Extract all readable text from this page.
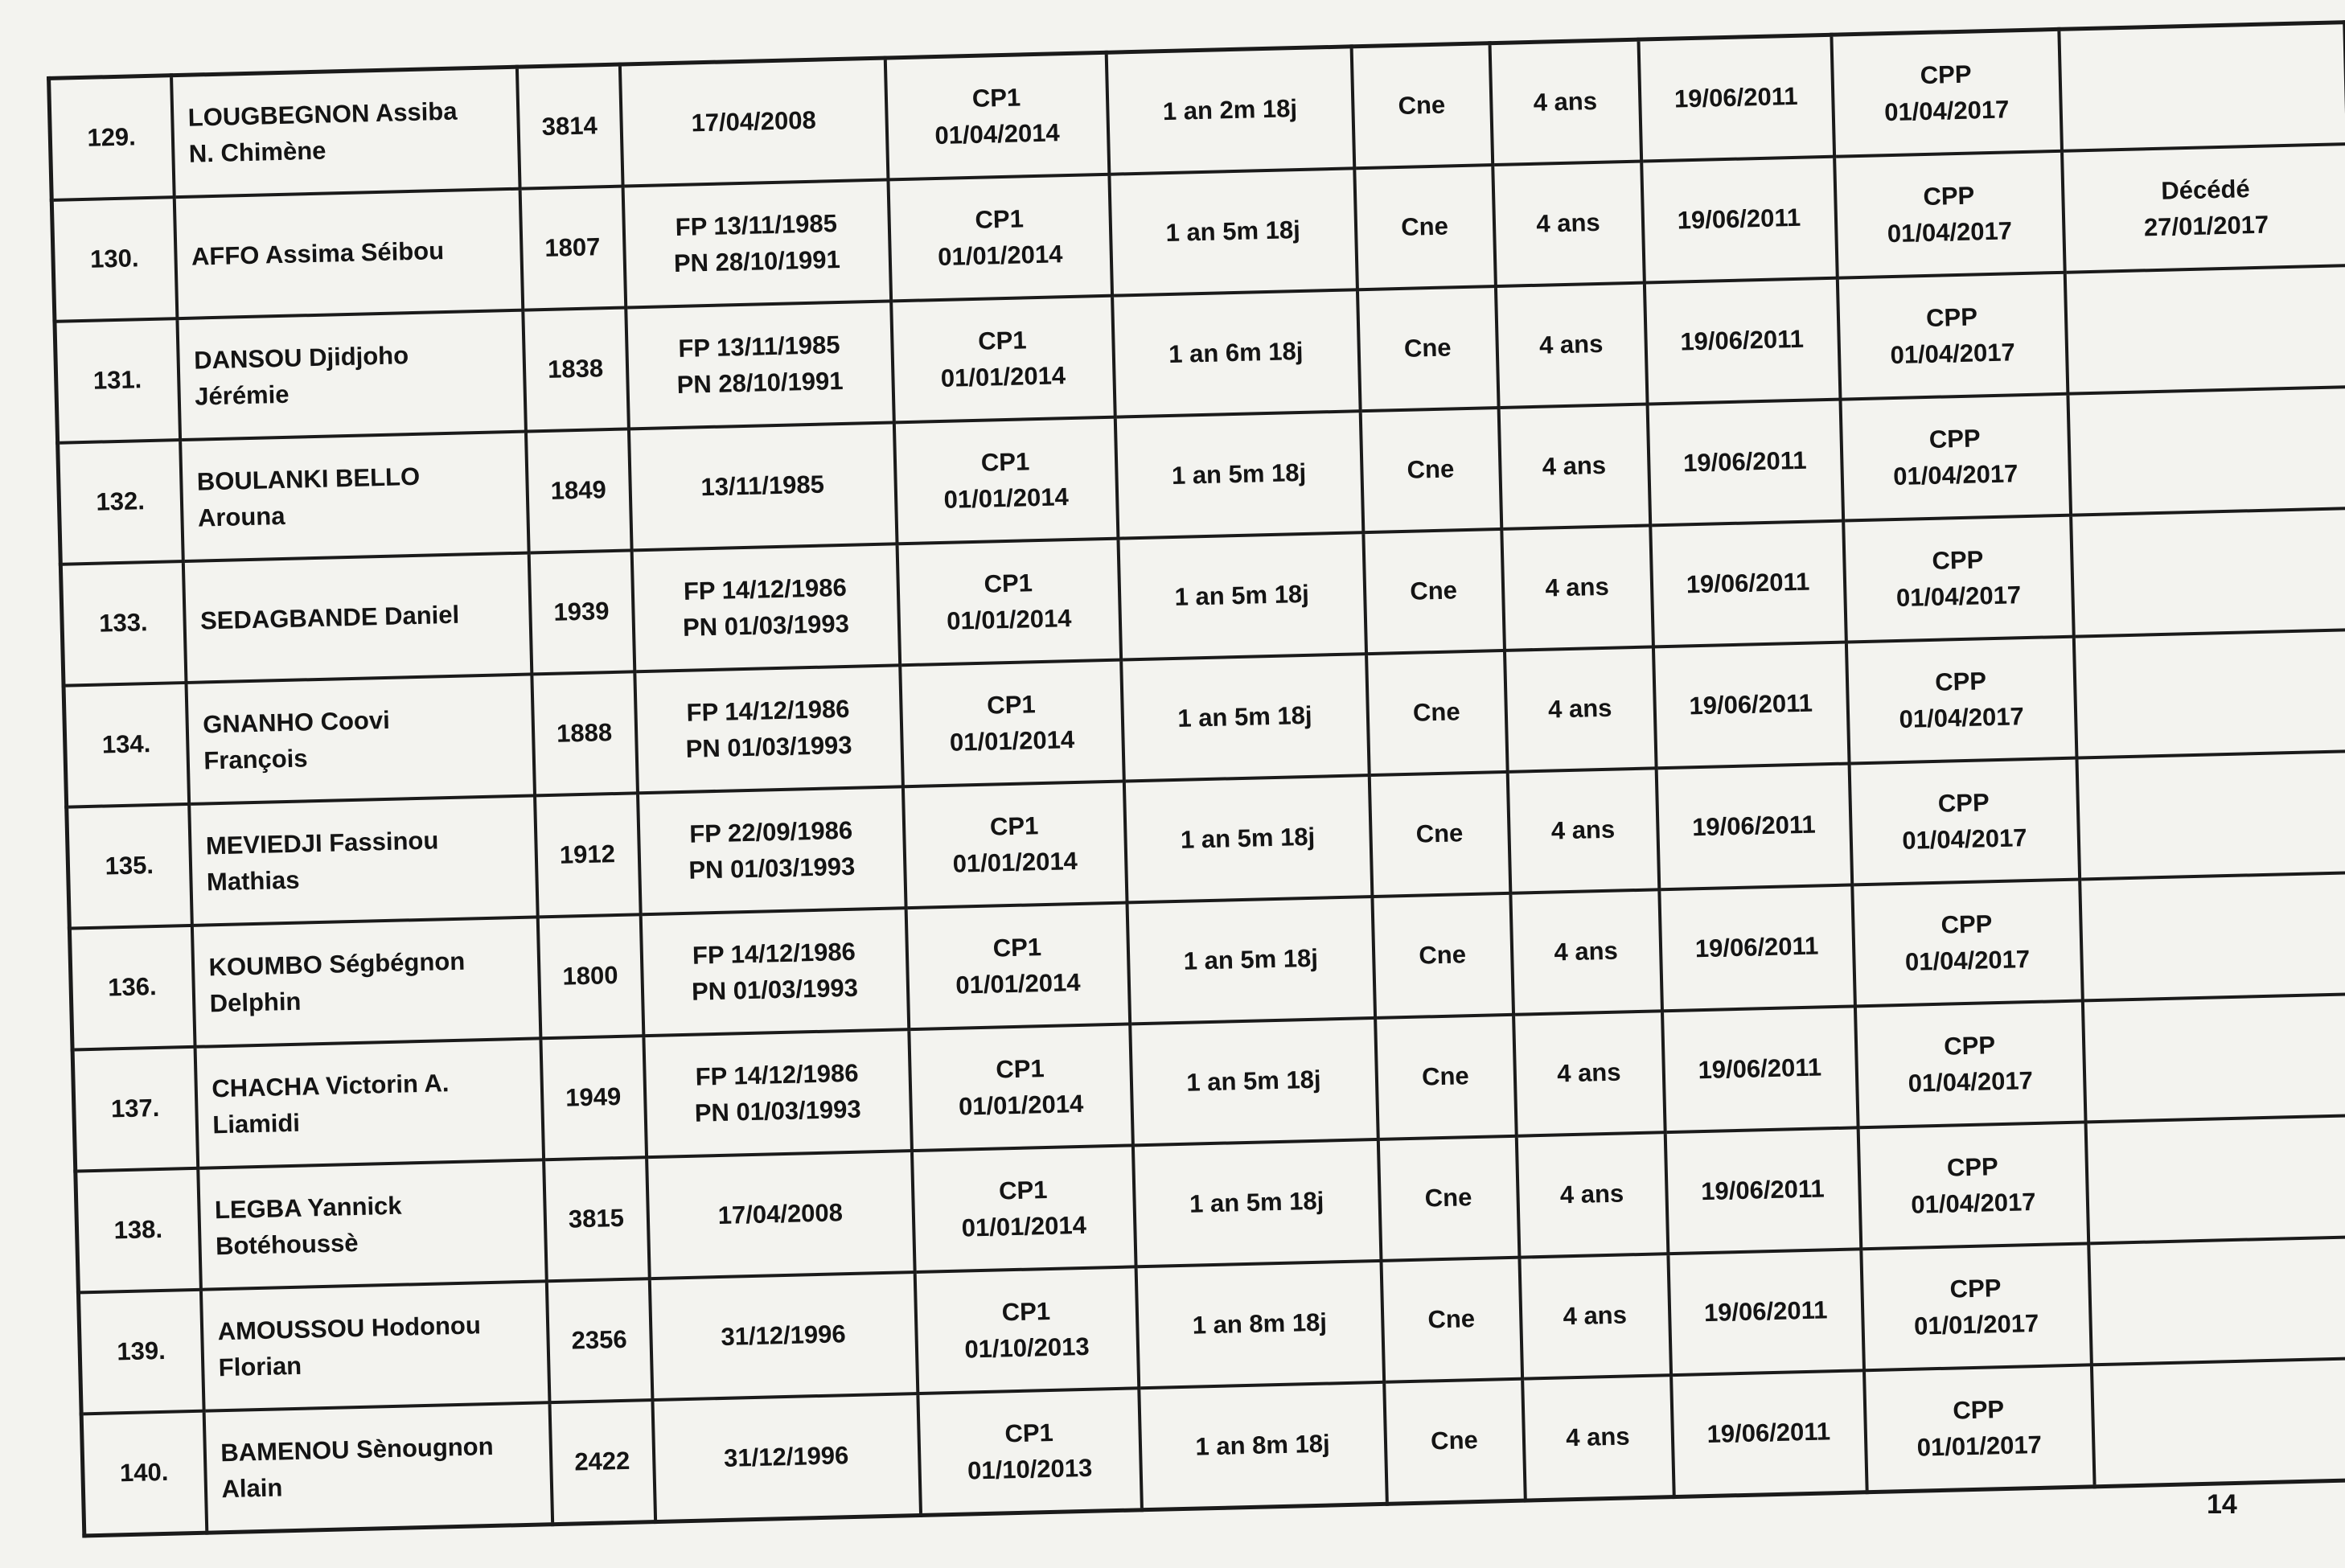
129.	LOUGBEGNON Assiba
N. Chimène	3814	17/04/2008	CP1
01/04/2014	1 an 2m 18j	Cne	4 ans	19/06/2011	CPP
01/04/2017	

130.	AFFO Assima Séibou	1807	FP 13/11/1985
PN 28/10/1991	CP1
01/01/2014	1 an 5m 18j	Cne	4 ans	19/06/2011	CPP
01/04/2017	Décédé
27/01/2017

131.	DANSOU Djidjoho
Jérémie	1838	FP 13/11/1985
PN 28/10/1991	CP1
01/01/2014	1 an 6m 18j	Cne	4 ans	19/06/2011	CPP
01/04/2017	

132.	BOULANKI BELLO
Arouna	1849	13/11/1985	CP1
01/01/2014	1 an 5m 18j	Cne	4 ans	19/06/2011	CPP
01/04/2017	

133.	SEDAGBANDE Daniel	1939	FP 14/12/1986
PN 01/03/1993	CP1
01/01/2014	1 an 5m 18j	Cne	4 ans	19/06/2011	CPP
01/04/2017	

134.	GNANHO Coovi
François	1888	FP 14/12/1986
PN 01/03/1993	CP1
01/01/2014	1 an 5m 18j	Cne	4 ans	19/06/2011	CPP
01/04/2017	

135.	MEVIEDJI Fassinou
Mathias	1912	FP 22/09/1986
PN 01/03/1993	CP1
01/01/2014	1 an 5m 18j	Cne	4 ans	19/06/2011	CPP
01/04/2017	

136.	KOUMBO Ségbégnon
Delphin	1800	FP 14/12/1986
PN 01/03/1993	CP1
01/01/2014	1 an 5m 18j	Cne	4 ans	19/06/2011	CPP
01/04/2017	

137.	CHACHA Victorin A.
Liamidi	1949	FP 14/12/1986
PN 01/03/1993	CP1
01/01/2014	1 an 5m 18j	Cne	4 ans	19/06/2011	CPP
01/04/2017	

138.	LEGBA Yannick
Botéhoussè	3815	17/04/2008	CP1
01/01/2014	1 an 5m 18j	Cne	4 ans	19/06/2011	CPP
01/04/2017	

139.	AMOUSSOU Hodonou
Florian	2356	31/12/1996	CP1
01/10/2013	1 an 8m 18j	Cne	4 ans	19/06/2011	CPP
01/01/2017	

140.	BAMENOU Sènougnon
Alain	2422	31/12/1996	CP1
01/10/2013	1 an 8m 18j	Cne	4 ans	19/06/2011	CPP
01/01/2017	

14
